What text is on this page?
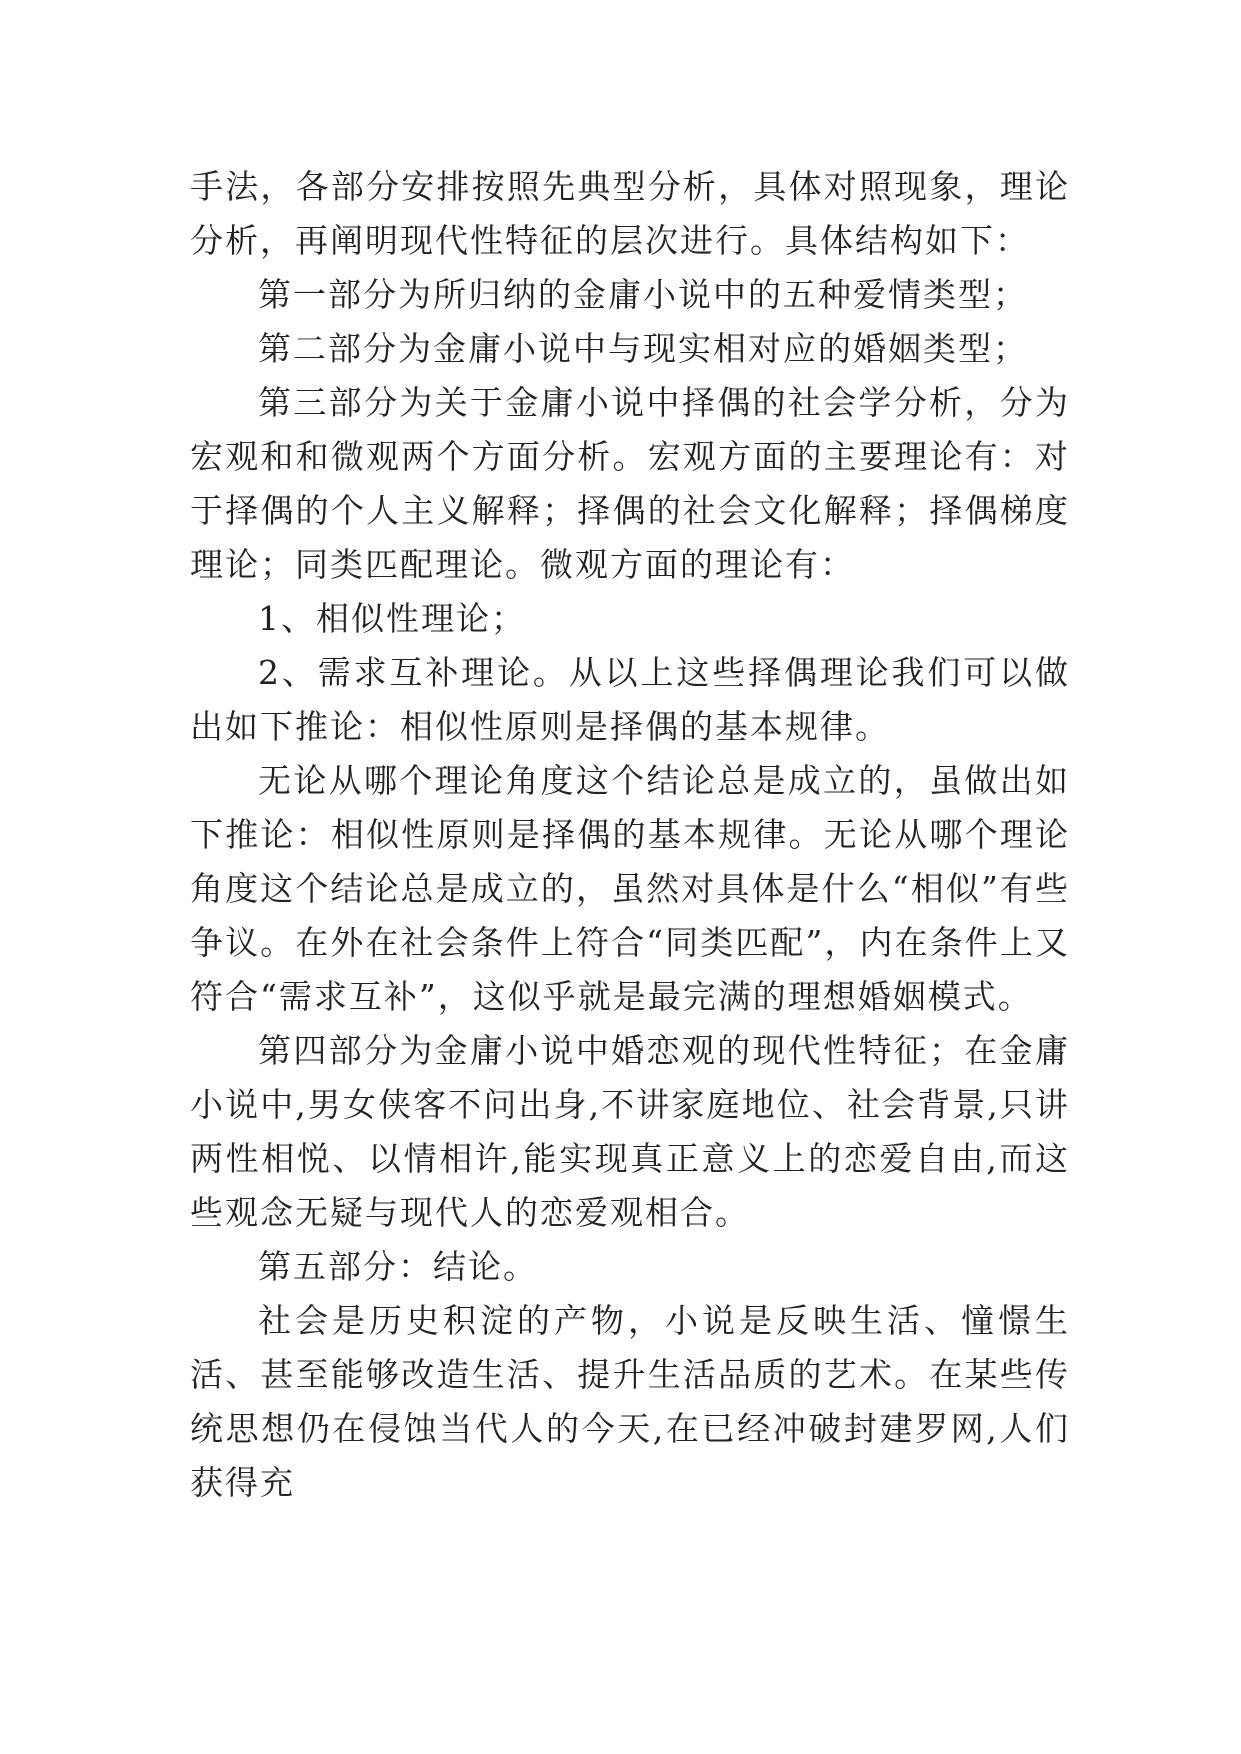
手法，各部分安排按照先典型分析，具体对照现象，理论分析，再阐明现代性特征的层次进行。具体结构如下：

第一部分为所归纳的金庸小说中的五种爱情类型；

第二部分为金庸小说中与现实相对应的婚姻类型；

第三部分为关于金庸小说中择偶的社会学分析，分为宏观和和微观两个方面分析。宏观方面的主要理论有：对于择偶的个人主义解释；择偶的社会文化解释；择偶梯度理论；同类匹配理论。微观方面的理论有：

1、相似性理论；

2、需求互补理论。从以上这些择偶理论我们可以做出如下推论：相似性原则是择偶的基本规律。

无论从哪个理论角度这个结论总是成立的，虽做出如下推论：相似性原则是择偶的基本规律。无论从哪个理论角度这个结论总是成立的，虽然对具体是什么“相似”有些争议。在外在社会条件上符合“同类匹配”，内在条件上又符合“需求互补”，这似乎就是最完满的理想婚姻模式。

第四部分为金庸小说中婚恋观的现代性特征；在金庸小说中,男女侠客不问出身,不讲家庭地位、社会背景,只讲两性相悦、以情相许,能实现真正意义上的恋爱自由,而这些观念无疑与现代人的恋爱观相合。

第五部分：结论。

社会是历史积淀的产物，小说是反映生活、憧憬生活、甚至能够改造生活、提升生活品质的艺术。在某些传统思想仍在侵蚀当代人的今天,在已经冲破封建罗网,人们获得充
